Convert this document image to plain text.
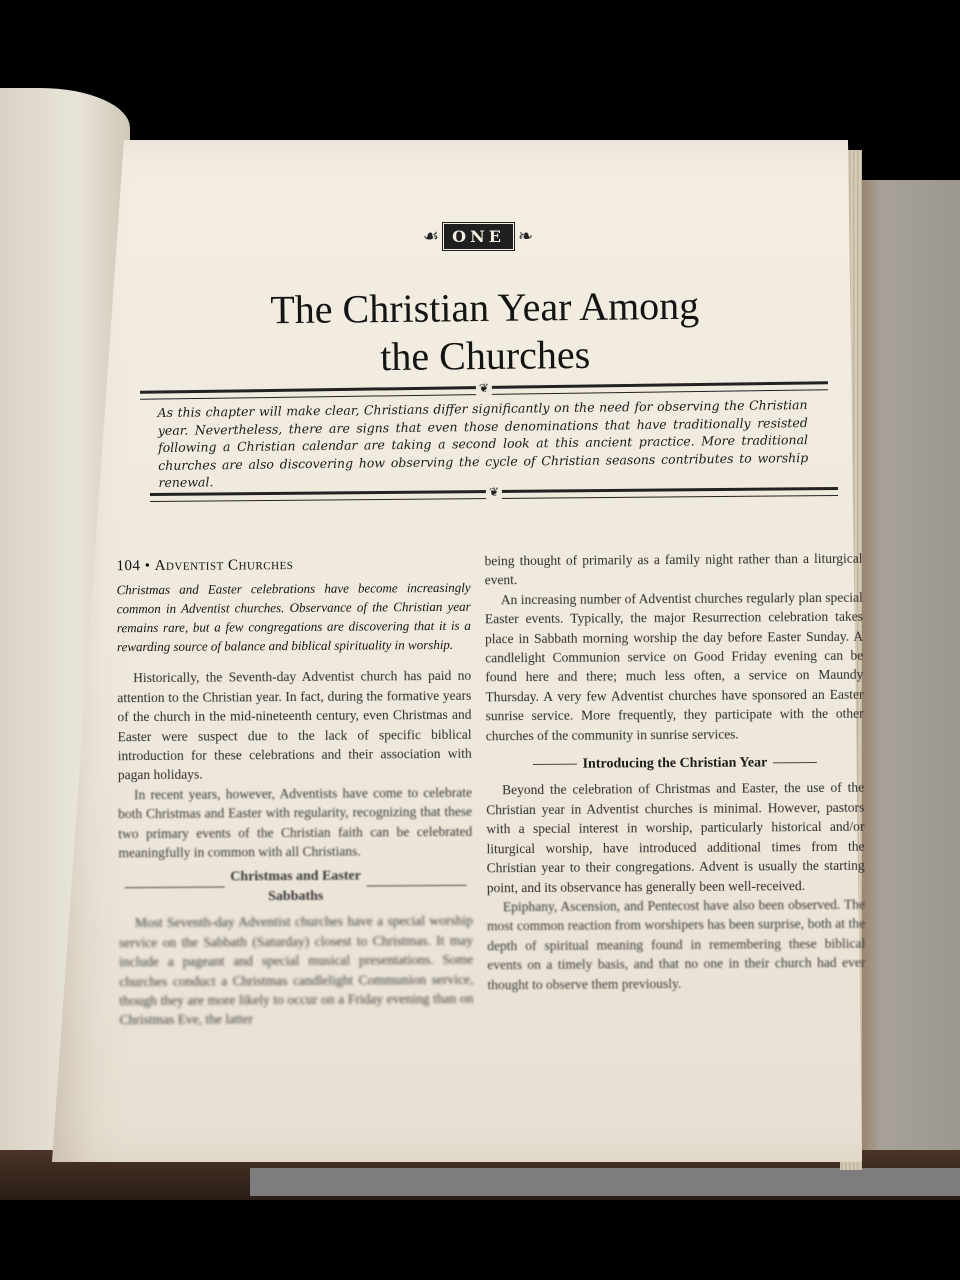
☙ ONE ❧
The Christian Year Among
the Churches
❦
As this chapter will make clear, Christians differ significantly on the need for observing the Christian year. Nevertheless, there are signs that even those denominations that have traditionally resisted following a Christian calendar are taking a second look at this ancient practice. More traditional churches are also discovering how observing the cycle of Christian seasons contributes to worship renewal.
❦
104 • Adventist Churches

Christmas and Easter celebrations have become increasingly common in Adventist churches. Observance of the Christian year remains rare, but a few congregations are discovering that it is a rewarding source of balance and biblical spirituality in worship.

Historically, the Seventh-day Adventist church has paid no attention to the Christian year. In fact, during the formative years of the church in the mid-nineteenth century, even Christmas and Easter were suspect due to the lack of specific biblical introduction for these celebrations and their association with pagan holidays.

In recent years, however, Adventists have come to celebrate both Christmas and Easter with regularity, recognizing that these two primary events of the Christian faith can be celebrated meaningfully in common with all Christians.

Christmas and Easter
Sabbaths

Most Seventh-day Adventist churches have a special worship service on the Sabbath (Saturday) closest to Christmas. It may include a pageant and special musical presentations. Some churches conduct a Christmas candlelight Communion service, though they are more likely to occur on a Friday evening than on Christmas Eve, the latter

being thought of primarily as a family night rather than a liturgical event.

An increasing number of Adventist churches regularly plan special Easter events. Typically, the major Resurrection celebration takes place in Sabbath morning worship the day before Easter Sunday. A candlelight Communion service on Good Friday evening can be found here and there; much less often, a service on Maundy Thursday. A very few Adventist churches have sponsored an Easter sunrise service. More frequently, they participate with the other churches of the community in sunrise services.

Introducing the Christian Year

Beyond the celebration of Christmas and Easter, the use of the Christian year in Adventist churches is minimal. However, pastors with a special interest in worship, particularly historical and/or liturgical worship, have introduced additional times from the Christian year to their congregations. Advent is usually the starting point, and its observance has generally been well-received.

Epiphany, Ascension, and Pentecost have also been observed. The most common reaction from worshipers has been surprise, both at the depth of spiritual meaning found in remembering these biblical events on a timely basis, and that no one in their church had ever thought to observe them previously.
